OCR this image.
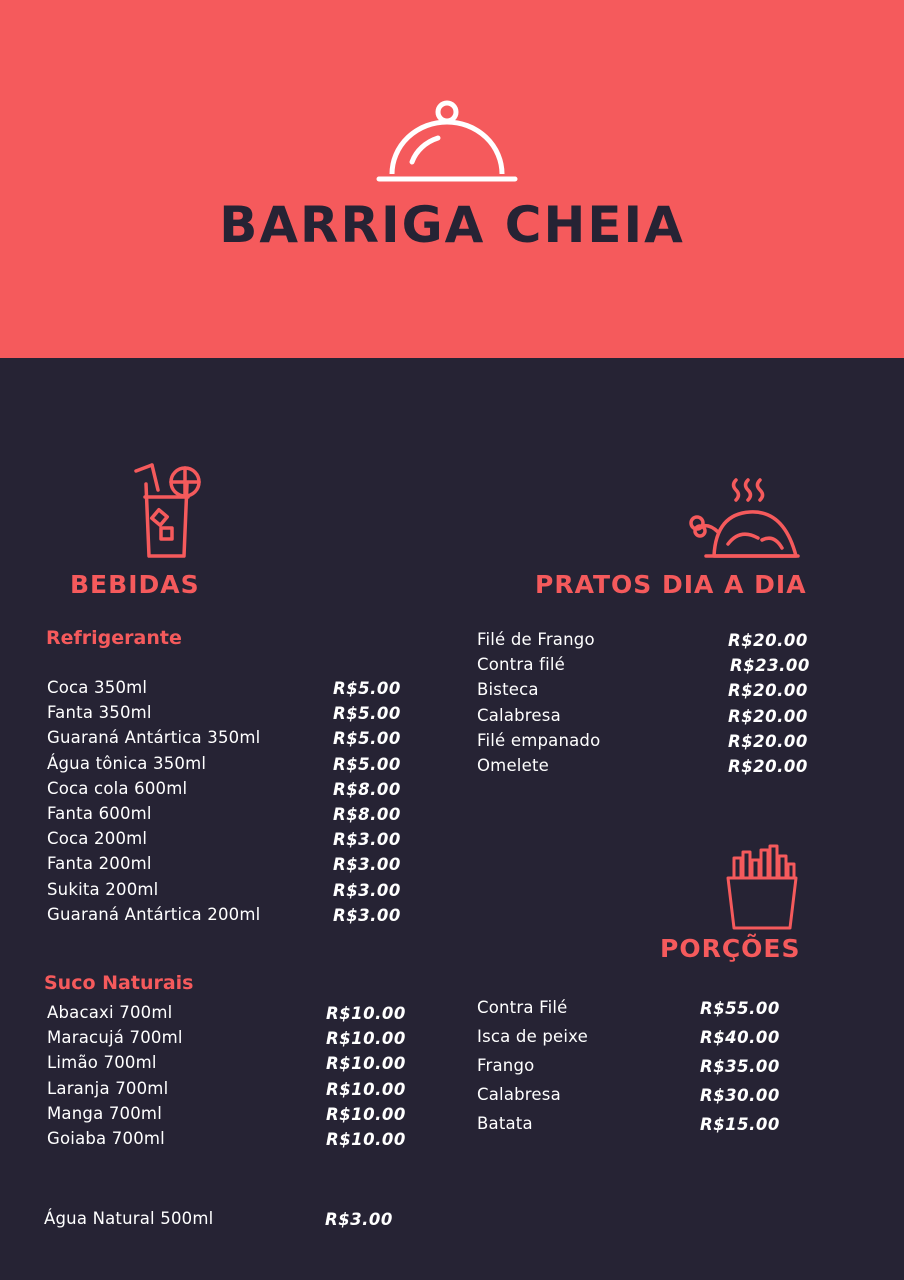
BARRIGA CHEIA
BEBIDAS
Refrigerante
Coca 350ml	R$5.00
Fanta 350ml	R$5.00
Guaraná Antártica 350ml	R$5.00
Água tônica 350ml	R$5.00
Coca cola 600ml	R$8.00
Fanta 600ml	R$8.00
Coca 200ml	R$3.00
Fanta 200ml	R$3.00
Sukita 200ml	R$3.00
Guaraná Antártica 200ml	R$3.00
Suco Naturais
Abacaxi 700ml	R$10.00
Maracujá 700ml	R$10.00
Limão 700ml	R$10.00
Laranja 700ml	R$10.00
Manga 700ml	R$10.00
Goiaba 700ml	R$10.00
Água Natural 500ml	R$3.00
PRATOS DIA A DIA
Filé de Frango	R$20.00
Contra filé	R$23.00
Bisteca	R$20.00
Calabresa	R$20.00
Filé empanado	R$20.00
Omelete	R$20.00
PORÇÕES
Contra Filé	R$55.00
Isca de peixe	R$40.00
Frango	R$35.00
Calabresa	R$30.00
Batata	R$15.00
